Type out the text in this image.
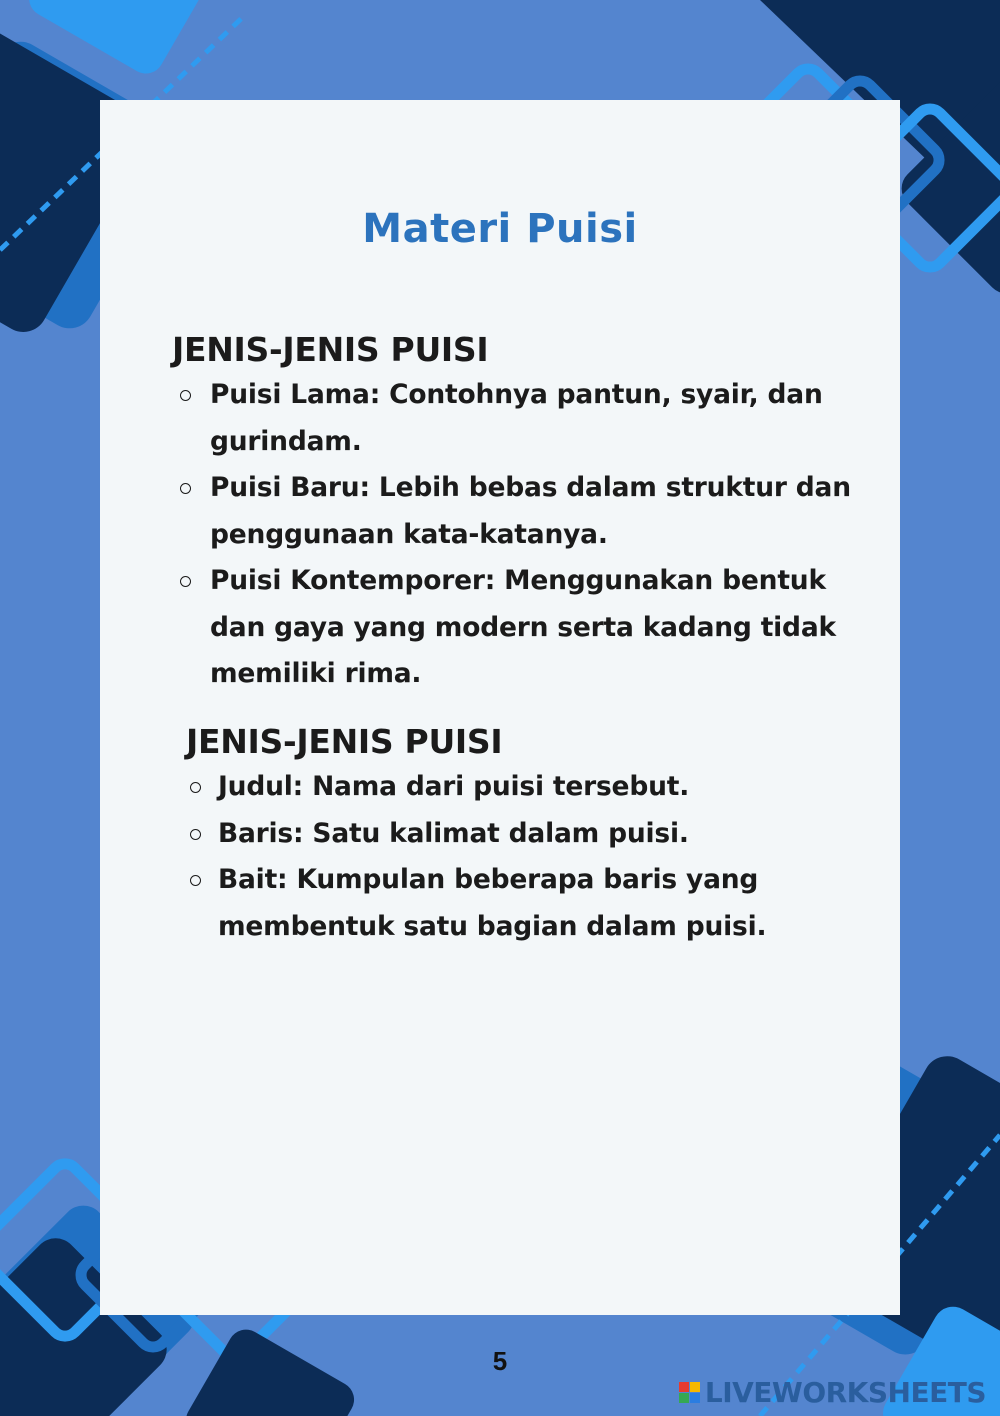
Materi Puisi
JENIS-JENIS PUISI
Puisi Lama: Contohnya pantun, syair, dan
gurindam.
Puisi Baru: Lebih bebas dalam struktur dan
penggunaan kata-katanya.
Puisi Kontemporer: Menggunakan bentuk
dan gaya yang modern serta kadang tidak
memiliki rima.
JENIS-JENIS PUISI
Judul: Nama dari puisi tersebut.
Baris: Satu kalimat dalam puisi.
Bait: Kumpulan beberapa baris yang
membentuk satu bagian dalam puisi.
5
LIVEWORKSHEETS
